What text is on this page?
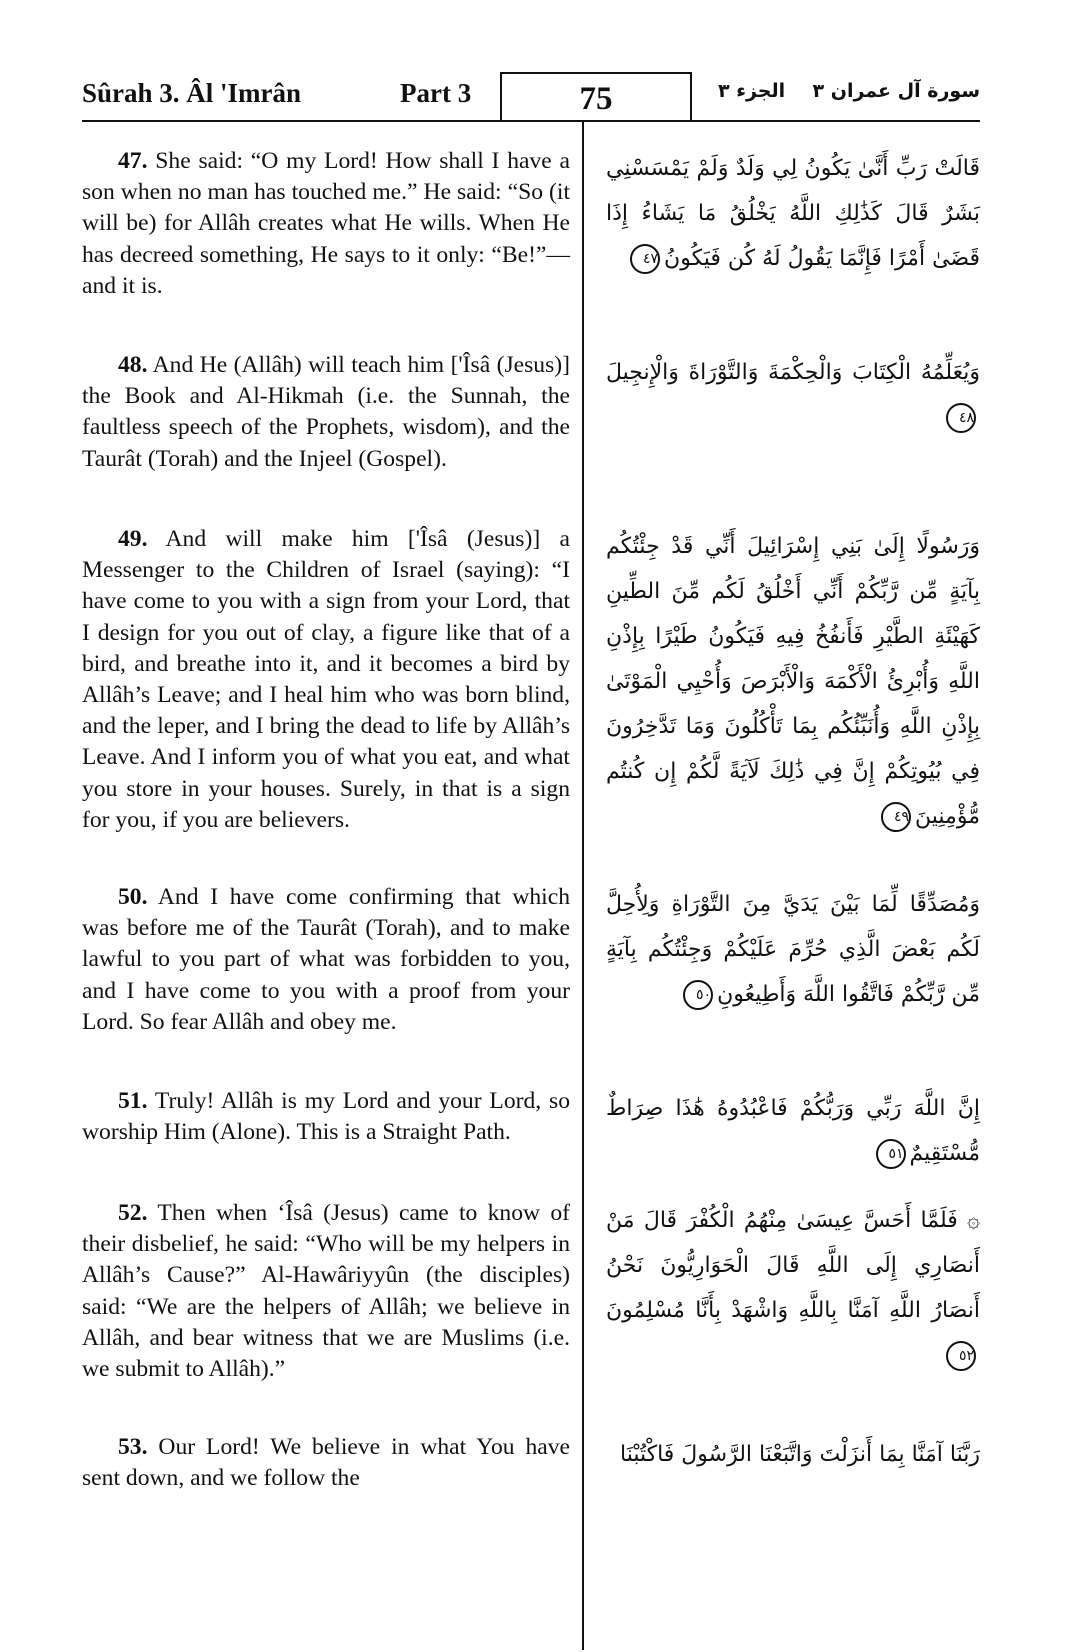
Sûrah 3. Âl 'Imrân	Part 3	75	الجزء ٣ سورة آل عمران ٣
47. She said: “O my Lord! How shall I have a son when no man has touched me.” He said: “So (it will be) for Allâh creates what He wills. When He has decreed something, He says to it only: “Be!”— and it is.
قَالَتْ رَبِّ أَنَّىٰ يَكُونُ لِي وَلَدٌ وَلَمْ يَمْسَسْنِي بَشَرٌ قَالَ كَذَٰلِكِ اللَّهُ يَخْلُقُ مَا يَشَاءُ إِذَا قَضَىٰ أَمْرًا فَإِنَّمَا يَقُولُ لَهُ كُن فَيَكُونُ٤٧
48. And He (Allâh) will teach him ['Îsâ (Jesus)] the Book and Al-Hikmah (i.e. the Sunnah, the faultless speech of the Prophets, wisdom), and the Taurât (Torah) and the Injeel (Gospel).
وَيُعَلِّمُهُ الْكِتَابَ وَالْحِكْمَةَ وَالتَّوْرَاةَ وَالْإِنجِيلَ٤٨
49. And will make him ['Îsâ (Jesus)] a Messenger to the Children of Israel (saying): “I have come to you with a sign from your Lord, that I design for you out of clay, a figure like that of a bird, and breathe into it, and it becomes a bird by Allâh’s Leave; and I heal him who was born blind, and the leper, and I bring the dead to life by Allâh’s Leave. And I inform you of what you eat, and what you store in your houses. Surely, in that is a sign for you, if you are believers.
وَرَسُولًا إِلَىٰ بَنِي إِسْرَائِيلَ أَنِّي قَدْ جِئْتُكُم بِآيَةٍ مِّن رَّبِّكُمْ أَنِّي أَخْلُقُ لَكُم مِّنَ الطِّينِ كَهَيْئَةِ الطَّيْرِ فَأَنفُخُ فِيهِ فَيَكُونُ طَيْرًا بِإِذْنِ اللَّهِ وَأُبْرِئُ الْأَكْمَهَ وَالْأَبْرَصَ وَأُحْيِي الْمَوْتَىٰ بِإِذْنِ اللَّهِ وَأُنَبِّئُكُم بِمَا تَأْكُلُونَ وَمَا تَدَّخِرُونَ فِي بُيُوتِكُمْ إِنَّ فِي ذَٰلِكَ لَآيَةً لَّكُمْ إِن كُنتُم مُّؤْمِنِينَ٤٩
50. And I have come confirming that which was before me of the Taurât (Torah), and to make lawful to you part of what was forbidden to you, and I have come to you with a proof from your Lord. So fear Allâh and obey me.
وَمُصَدِّقًا لِّمَا بَيْنَ يَدَيَّ مِنَ التَّوْرَاةِ وَلِأُحِلَّ لَكُم بَعْضَ الَّذِي حُرِّمَ عَلَيْكُمْ وَجِئْتُكُم بِآيَةٍ مِّن رَّبِّكُمْ فَاتَّقُوا اللَّهَ وَأَطِيعُونِ٥٠
51. Truly! Allâh is my Lord and your Lord, so worship Him (Alone). This is a Straight Path.
إِنَّ اللَّهَ رَبِّي وَرَبُّكُمْ فَاعْبُدُوهُ هَٰذَا صِرَاطٌ مُّسْتَقِيمٌ٥١
52. Then when ‘Îsâ (Jesus) came to know of their disbelief, he said: “Who will be my helpers in Allâh’s Cause?” Al-Hawâriyyûn (the disciples) said: “We are the helpers of Allâh; we believe in Allâh, and bear witness that we are Muslims (i.e. we submit to Allâh).”
۞ فَلَمَّا أَحَسَّ عِيسَىٰ مِنْهُمُ الْكُفْرَ قَالَ مَنْ أَنصَارِي إِلَى اللَّهِ قَالَ الْحَوَارِيُّونَ نَحْنُ أَنصَارُ اللَّهِ آمَنَّا بِاللَّهِ وَاشْهَدْ بِأَنَّا مُسْلِمُونَ٥٢
53. Our Lord! We believe in what You have sent down, and we follow the
رَبَّنَا آمَنَّا بِمَا أَنزَلْتَ وَاتَّبَعْنَا الرَّسُولَ فَاكْتُبْنَا
